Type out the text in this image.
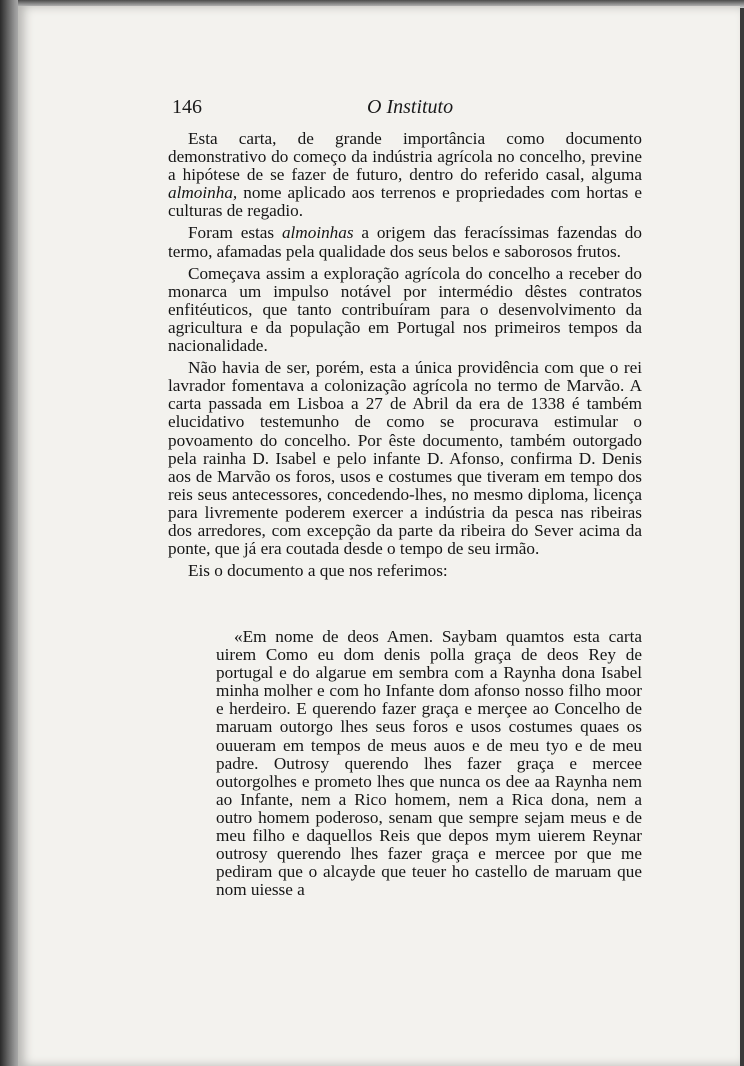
146	O Instituto

Esta carta, de grande importância como documento demonstrativo do começo da indústria agrícola no concelho, previne a hipótese de se fazer de futuro, dentro do referido casal, alguma almoinha, nome aplicado aos terrenos e propriedades com hortas e culturas de regadio.

Foram estas almoinhas a origem das feracíssimas fazendas do termo, afamadas pela qualidade dos seus belos e saborosos frutos.

Começava assim a exploração agrícola do concelho a receber do monarca um impulso notável por intermédio dêstes contratos enfitéuticos, que tanto contribuíram para o desenvolvimento da agricultura e da população em Portugal nos primeiros tempos da nacionalidade.

Não havia de ser, porém, esta a única providência com que o rei lavrador fomentava a colonização agrícola no termo de Marvão. A carta passada em Lisboa a 27 de Abril da era de 1338 é também elucidativo testemunho de como se procurava estimular o povoamento do concelho. Por êste documento, também outorgado pela rainha D. Isabel e pelo infante D. Afonso, confirma D. Denis aos de Marvão os foros, usos e costumes que tiveram em tempo dos reis seus antecessores, concedendo-lhes, no mesmo diploma, licença para livremente poderem exercer a indústria da pesca nas ribeiras dos arredores, com excepção da parte da ribeira do Sever acima da ponte, que já era coutada desde o tempo de seu irmão.

Eis o documento a que nos referimos:

«Em nome de deos Amen. Saybam quamtos esta carta uirem Como eu dom denis polla graça de deos Rey de portugal e do algarue em sembra com a Raynha dona Isabel minha molher e com ho Infante dom afonso nosso filho moor e herdeiro. E querendo fazer graça e merçee ao Concelho de maruam outorgo lhes seus foros e usos costumes quaes os ouueram em tempos de meus auos e de meu tyo e de meu padre. Outrosy querendo lhes fazer graça e mercee outorgolhes e prometo lhes que nunca os dee aa Raynha nem ao Infante, nem a Rico homem, nem a Rica dona, nem a outro homem poderoso, senam que sempre sejam meus e de meu filho e daquellos Reis que depos mym uierem Reynar outrosy querendo lhes fazer graça e mercee por que me pediram que o alcayde que teuer ho castello de maruam que nom uiesse a
